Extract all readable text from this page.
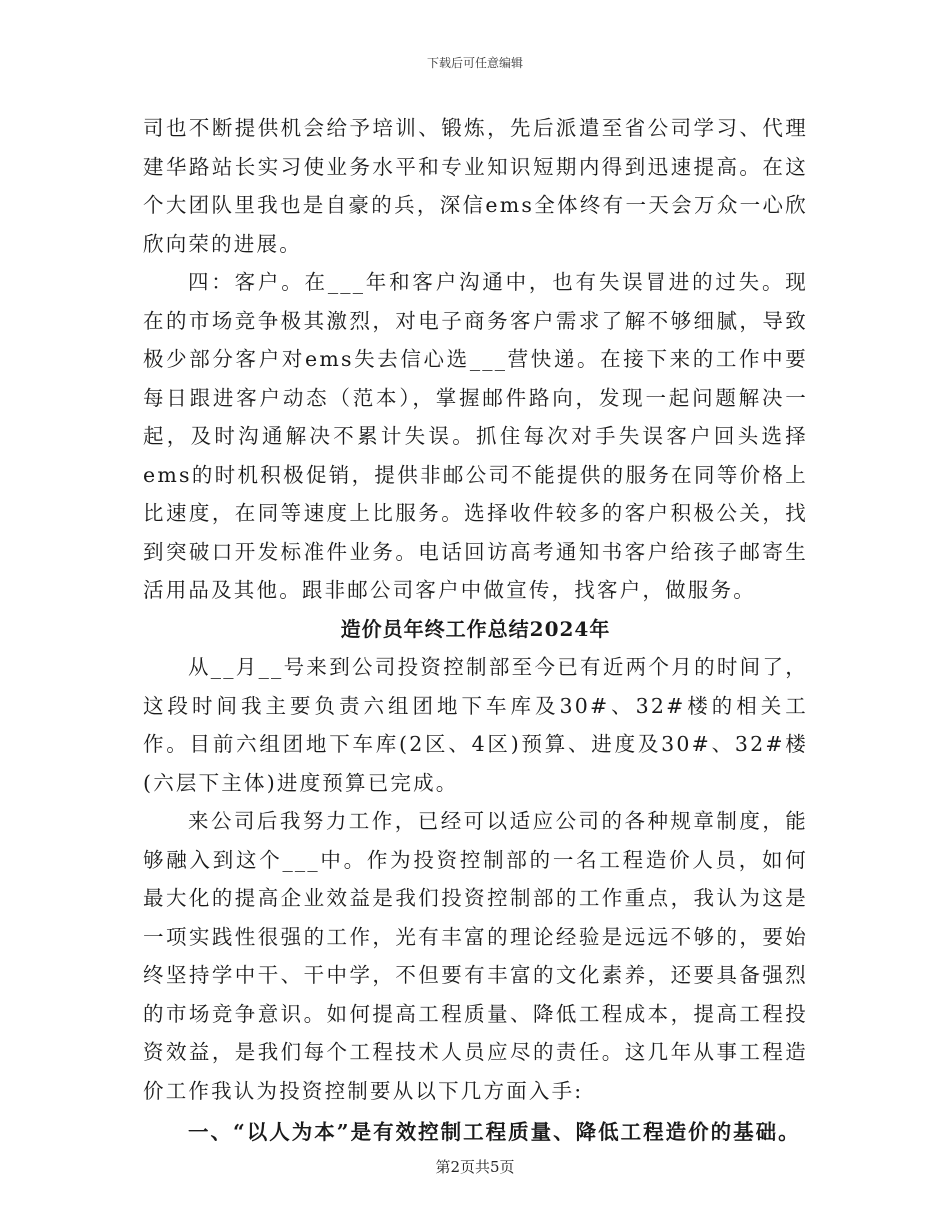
下载后可任意编辑

司也不断提供机会给予培训、锻炼，先后派遣至省公司学习、代理建华路站长实习使业务水平和专业知识短期内得到迅速提高。在这个大团队里我也是自豪的兵，深信ems全体终有一天会万众一心欣欣向荣的进展。

四：客户。在___年和客户沟通中，也有失误冒进的过失。现在的市场竞争极其激烈，对电子商务客户需求了解不够细腻，导致极少部分客户对ems失去信心选___营快递。在接下来的工作中要每日跟进客户动态（范本），掌握邮件路向，发现一起问题解决一起，及时沟通解决不累计失误。抓住每次对手失误客户回头选择ems的时机积极促销，提供非邮公司不能提供的服务在同等价格上比速度，在同等速度上比服务。选择收件较多的客户积极公关，找到突破口开发标准件业务。电话回访高考通知书客户给孩子邮寄生活用品及其他。跟非邮公司客户中做宣传，找客户，做服务。

造价员年终工作总结2024年

从__月__号来到公司投资控制部至今已有近两个月的时间了，这段时间我主要负责六组团地下车库及30#、32#楼的相关工作。目前六组团地下车库(2区、4区)预算、进度及30#、32#楼(六层下主体)进度预算已完成。

来公司后我努力工作，已经可以适应公司的各种规章制度，能够融入到这个___中。作为投资控制部的一名工程造价人员，如何最大化的提高企业效益是我们投资控制部的工作重点，我认为这是一项实践性很强的工作，光有丰富的理论经验是远远不够的，要始终坚持学中干、干中学，不但要有丰富的文化素养，还要具备强烈的市场竞争意识。如何提高工程质量、降低工程成本，提高工程投资效益，是我们每个工程技术人员应尽的责任。这几年从事工程造价工作我认为投资控制要从以下几方面入手:

一、“以人为本”是有效控制工程质量、降低工程造价的基础。

第2页共5页
